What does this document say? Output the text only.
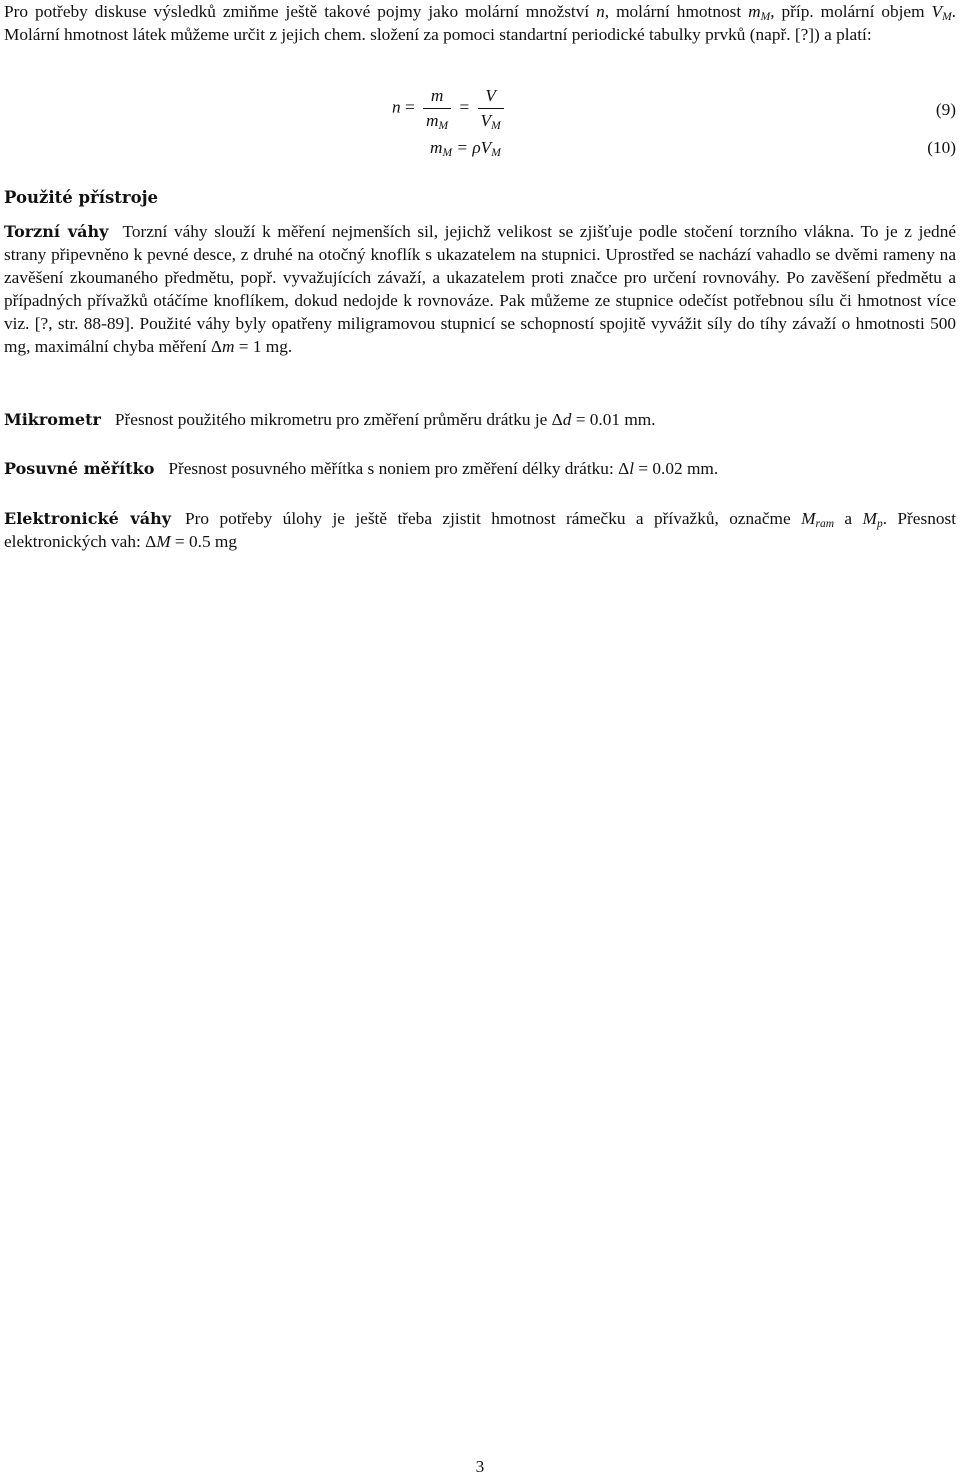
Pro potřeby diskuse výsledků zmiňme ještě takové pojmy jako molární množství n, molární hmotnost $m_M$, příp. molární objem $V_M$. Molární hmotnost látek můžeme určit z jejich chem. složení za pomoci standartní periodické tabulky prvků (např. [?]) a platí:

$n = \frac{m}{m_M} = \frac{V}{V_M}$	(9)
$m_M = \rho V_M$	(10)
Použité přístroje

Torzní váhy Torzní váhy slouží k měření nejmenších sil, jejichž velikost se zjišťuje podle stočení torzního vlákna. To je z jedné strany připevněno k pevné desce, z druhé na otočný knoflík s ukazatelem na stupnici. Uprostřed se nachází vahadlo se dvěmi rameny na zavěšení zkoumaného předmětu, popř. vyvažujících závaží, a ukazatelem proti značce pro určení rovnováhy. Po zavěšení předmětu a případných přívažků otáčíme knoflíkem, dokud nedojde k rovnováze. Pak můžeme ze stupnice odečíst potřebnou sílu či hmotnost více viz. [?, str. 88-89]. Použité váhy byly opatřeny miligramovou stupnicí se schopností spojitě vyvážit síly do tíhy závaží o hmotnosti 500 mg, maximální chyba měření Δm = 1 mg.

Mikrometr Přesnost použitého mikrometru pro změření průměru drátku je Δd = 0.01 mm.

Posuvné měřítko Přesnost posuvného měřítka s noniem pro změření délky drátku: Δl = 0.02 mm.

Elektronické váhy Pro potřeby úlohy je ještě třeba zjistit hmotnost rámečku a přívažků, označme $M_{ram}$ a $M_p$. Přesnost elektronických vah: ΔM = 0.5 mg

3
